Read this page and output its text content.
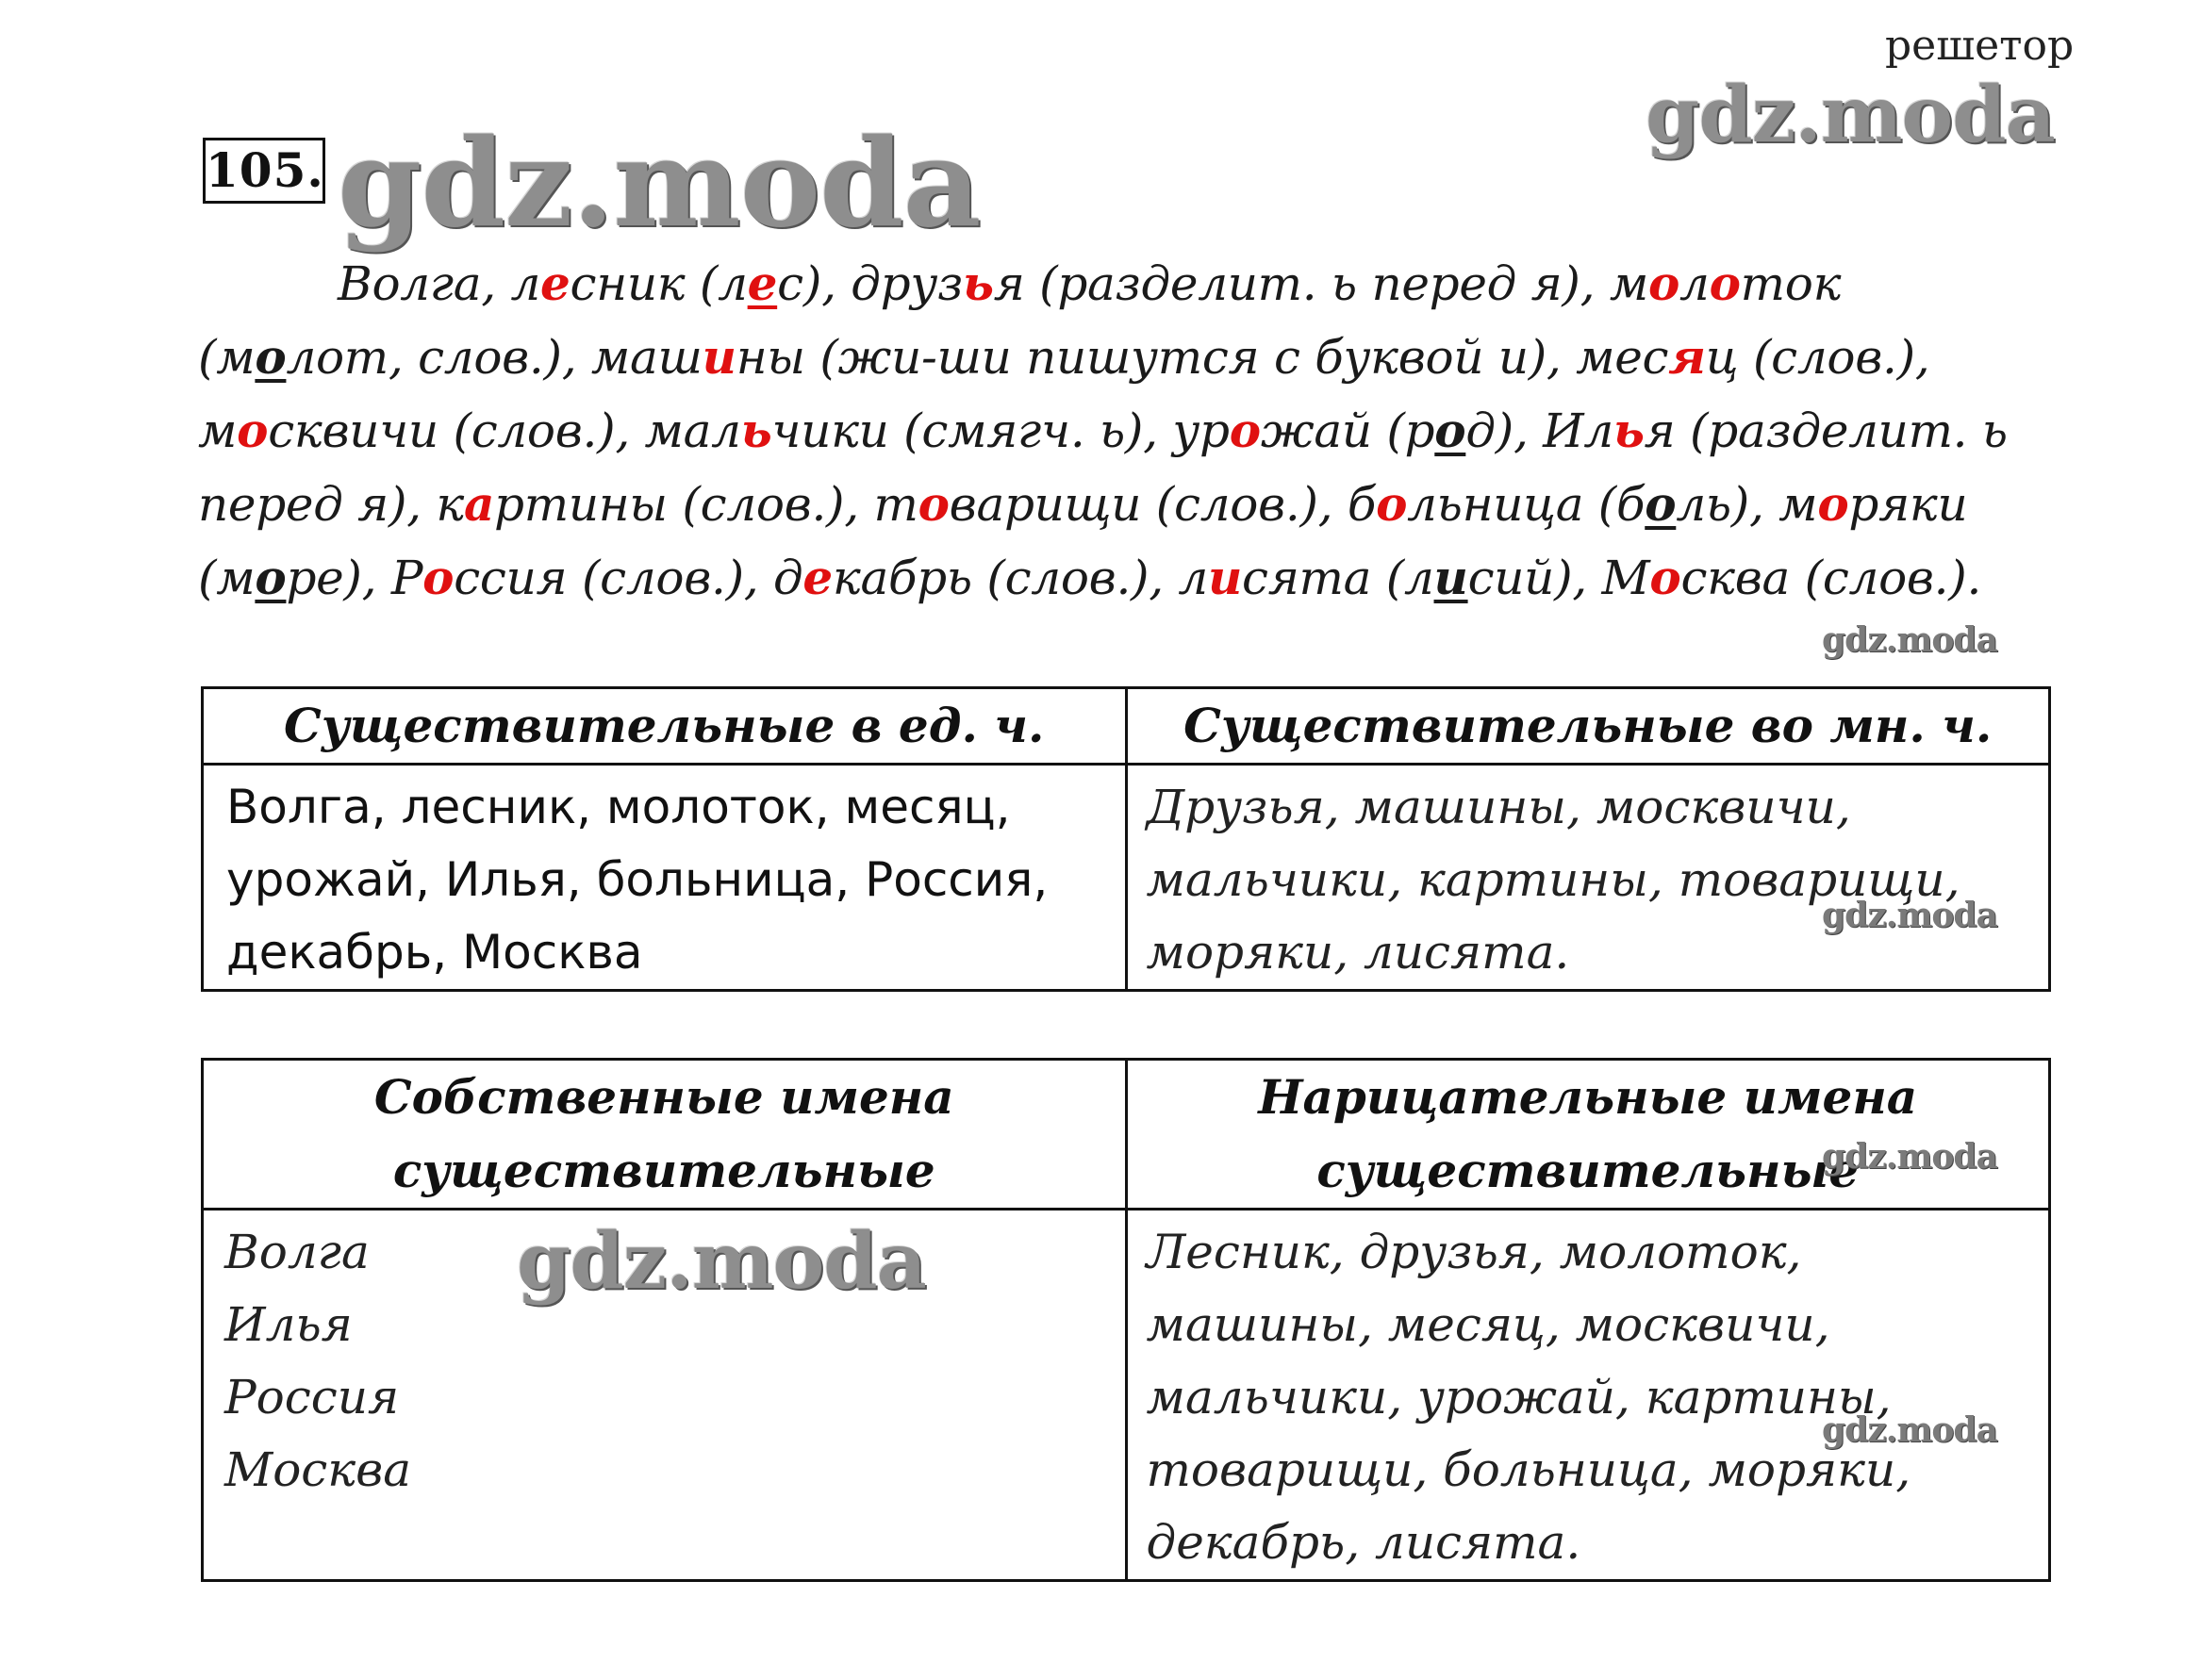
решетор
105. gdz.moda	gdz.moda
gdz.moda
Волга, лесник (лес), друзья (разделит. ь перед я), молоток (молот, слов.), машины (жи-ши пишутся с буквой и), месяц (слов.), москвичи (слов.), мальчики (смягч. ь), урожай (род), Илья (разделит. ь перед я), картины (слов.), товарищи (слов.), больница (боль), моряки (море), Россия (слов.), декабрь (слов.), лисята (лисий), Москва (слов.).
Существительные в ед. ч.	Существительные во мн. ч.

Волга, лесник, молоток, месяц, урожай, Илья, больница, Россия, декабрь, Москва	Друзья, машины, москвичи, мальчики, картины, товарищи, моряки, лисята.
gdz.moda
Собственные имена существительные	Нарицательные имена существительные

Волга
Илья
Россия
Москва	Лесник, друзья, молоток, машины, месяц, москвичи, мальчики, урожай, картины, товарищи, больница, моряки, декабрь, лисята.
gdz.moda
gdz.moda
gdz.moda
